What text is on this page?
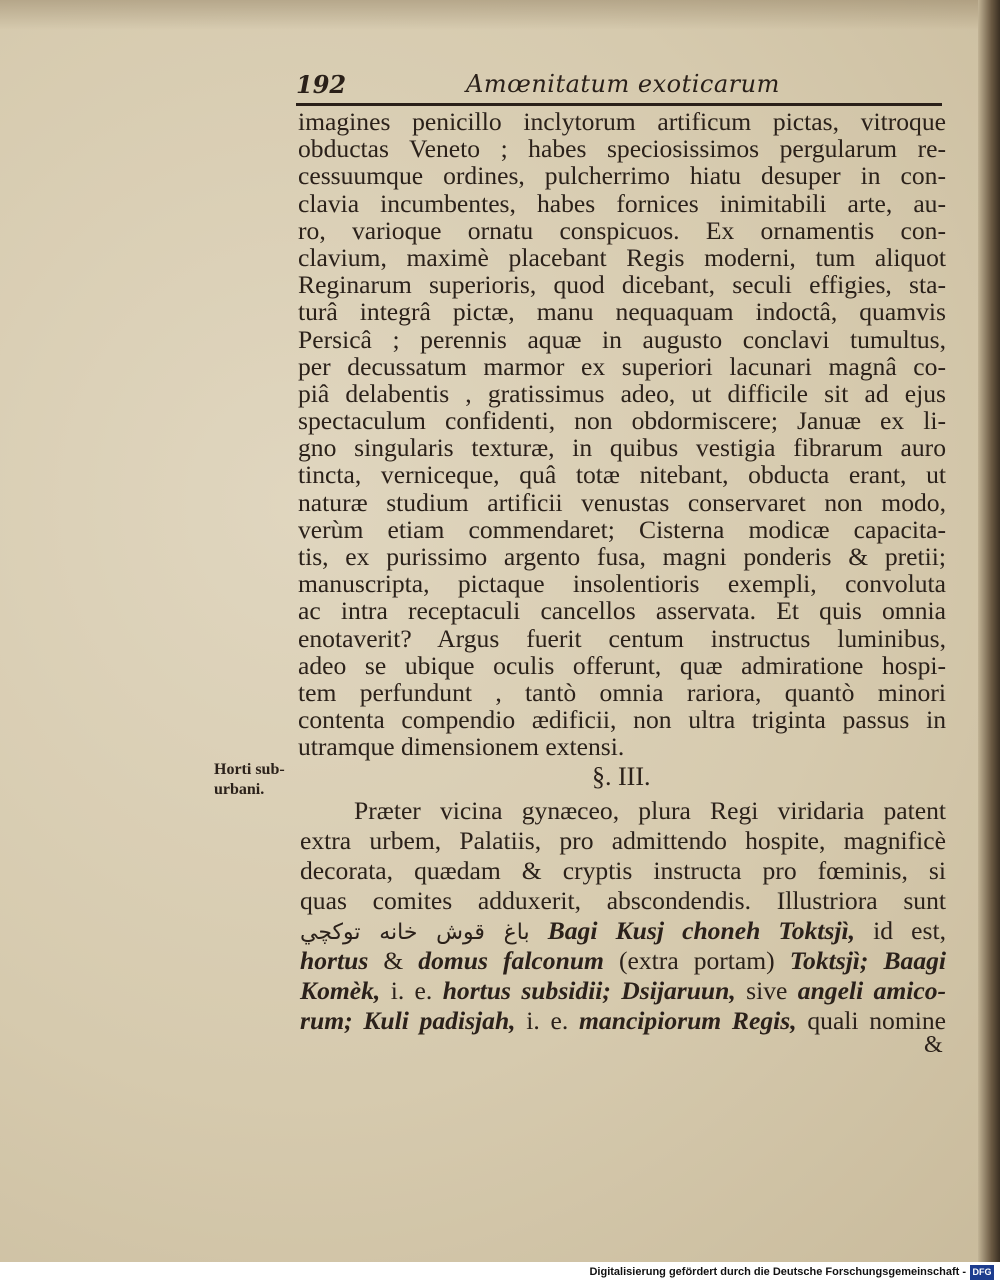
192	Amœnitatum exoticarum
imagines penicillo inclytorum artificum pictas, vitroque
obductas Veneto ; habes speciosissimos pergularum re-
cessuumque ordines, pulcherrimo hiatu desuper in con-
clavia incumbentes, habes fornices inimitabili arte, au-
ro, varioque ornatu conspicuos. Ex ornamentis con-
clavium, maximè placebant Regis moderni, tum aliquot
Reginarum superioris, quod dicebant, seculi effigies, sta-
turâ integrâ pictæ, manu nequaquam indoctâ, quamvis
Persicâ ; perennis aquæ in augusto conclavi tumultus,
per decussatum marmor ex superiori lacunari magnâ co-
piâ delabentis , gratissimus adeo, ut difficile sit ad ejus
spectaculum confidenti, non obdormiscere; Januæ ex li-
gno singularis texturæ, in quibus vestigia fibrarum auro
tincta, verniceque, quâ totæ nitebant, obducta erant, ut
naturæ studium artificii venustas conservaret non modo,
verùm etiam commendaret; Cisterna modicæ capacita-
tis, ex purissimo argento fusa, magni ponderis & pretii;
manuscripta, pictaque insolentioris exempli, convoluta
ac intra receptaculi cancellos asservata. Et quis omnia
enotaverit? Argus fuerit centum instructus luminibus,
adeo se ubique oculis offerunt, quæ admiratione hospi-
tem perfundunt , tantò omnia rariora, quantò minori
contenta compendio ædificii, non ultra triginta passus in
utramque dimensionem extensi.
Horti sub-
urbani.	§. III.
Præter vicina gynæceo, plura Regi viridaria patent
extra urbem, Palatiis, pro admittendo hospite, magnificè
decorata, quædam & cryptis instructa pro fœminis, si
quas comites adduxerit, abscondendis. Illustriora sunt
باغ قوش خانه توكچي Bagi Kusj choneh Toktsjì, id est,
hortus & domus falconum (extra portam) Toktsjì; Baagi
Komèk, i. e. hortus subsidii; Dsijaruun, sive angeli amico-
rum; Kuli padisjah, i. e. mancipiorum Regis, quali nomine
&
Digitalisierung gefördert durch die Deutsche Forschungsgemeinschaft - DFG
